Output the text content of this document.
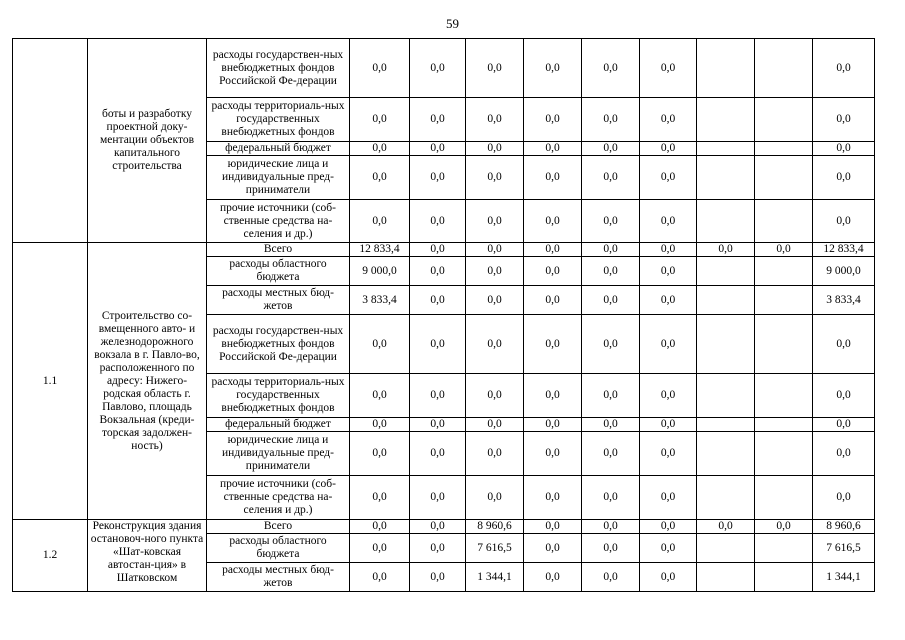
59
	боты и разработку проектной доку-ментации объектов капитального строительства	расходы государствен-ных внебюджетных фондов Российской Фе-дерации	0,0	0,0	0,0	0,0	0,0	0,0			0,0
		расходы территориаль-ных государственных внебюджетных фондов	0,0	0,0	0,0	0,0	0,0	0,0			0,0
		федеральный бюджет	0,0	0,0	0,0	0,0	0,0	0,0			0,0
		юридические лица и индивидуальные пред-приниматели	0,0	0,0	0,0	0,0	0,0	0,0			0,0
		прочие источники (соб-ственные средства на-селения и др.)	0,0	0,0	0,0	0,0	0,0	0,0			0,0
1.1	Строительство со-вмещенного авто- и железнодорожного вокзала в г. Павло-во, расположенного по адресу: Нижего-родская область г. Павлово, площадь Вокзальная (креди-торская задолжен-ность)	Всего	12 833,4	0,0	0,0	0,0	0,0	0,0	0,0	0,0	12 833,4
		расходы областного бюджета	9 000,0	0,0	0,0	0,0	0,0	0,0			9 000,0
		расходы местных бюд-жетов	3 833,4	0,0	0,0	0,0	0,0	0,0			3 833,4
		расходы государствен-ных внебюджетных фондов Российской Фе-дерации	0,0	0,0	0,0	0,0	0,0	0,0			0,0
		расходы территориаль-ных государственных внебюджетных фондов	0,0	0,0	0,0	0,0	0,0	0,0			0,0
		федеральный бюджет	0,0	0,0	0,0	0,0	0,0	0,0			0,0
		юридические лица и индивидуальные пред-приниматели	0,0	0,0	0,0	0,0	0,0	0,0			0,0
		прочие источники (соб-ственные средства на-селения и др.)	0,0	0,0	0,0	0,0	0,0	0,0			0,0
1.2	Реконструкция здания остановоч-ного пункта «Шат-ковская автостан-ция» в Шатковском	Всего	0,0	0,0	8 960,6	0,0	0,0	0,0	0,0	0,0	8 960,6
		расходы областного бюджета	0,0	0,0	7 616,5	0,0	0,0	0,0			7 616,5
		расходы местных бюд-жетов	0,0	0,0	1 344,1	0,0	0,0	0,0			1 344,1
